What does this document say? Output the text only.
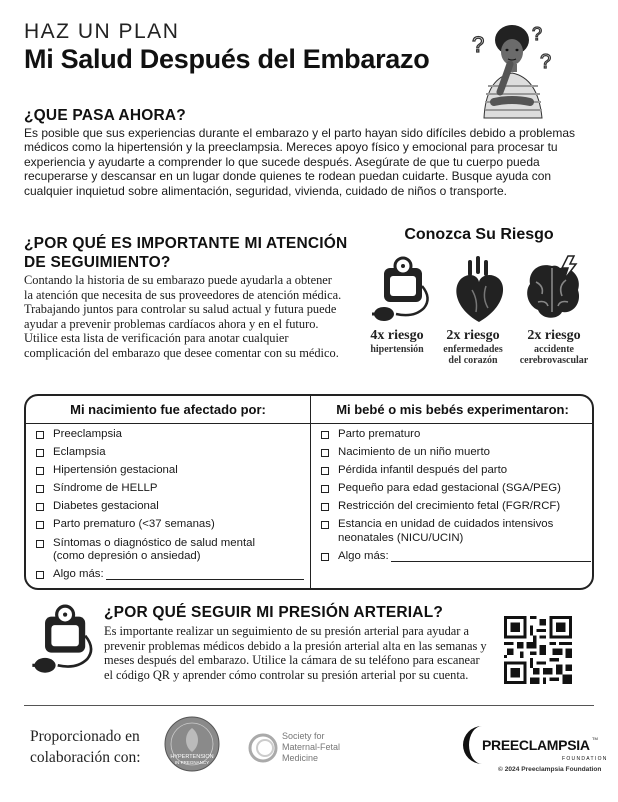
HAZ UN PLAN
Mi Salud Después del Embarazo ?	?
?
¿QUE PASA AHORA?
Es posible que sus experiencias durante el embarazo y el parto hayan sido difíciles debido a problemas médicos como la hipertensión y la preeclampsia. Mereces apoyo físico y emocional para procesar tu experiencia y ayudarte a comprender lo que sucede después. Asegúrate de que tu cuerpo pueda recuperarse y descansar en un lugar donde quienes te rodean puedan cuidarte. Busque ayuda con cualquier inquietud sobre alimentación, seguridad, vivienda, cuidado de niños o transporte.
¿POR QUÉ ES IMPORTANTE MI ATENCIÓN
DE SEGUIMIENTO?
Contando la historia de su embarazo puede ayudarla a obtener la atención que necesita de sus proveedores de atención médica. Trabajando juntos para controlar su salud actual y futura puede ayudar a prevenir problemas cardíacos ahora y en el futuro. Utilice esta lista de verificación para anotar cualquier complicación del embarazo que desee comentar con su médico.
Conozca Su Riesgo
4x riesgo
hipertensión
2x riesgo
enfermedades
del corazón
2x riesgo
accidente
cerebrovascular
Mi nacimiento fue afectado por:
Preeclampsia
Eclampsia
Hipertensión gestacional
Síndrome de HELLP
Diabetes gestacional
Parto prematuro (<37 semanas)
Síntomas o diagnóstico de salud mental
(como depresión o ansiedad)
Algo más:
Mi bebé o mis bebés experimentaron:
Parto prematuro
Nacimiento de un niño muerto
Pérdida infantil después del parto
Pequeño para edad gestacional (SGA/PEG)
Restricción del crecimiento fetal (FGR/RCF)
Estancia en unidad de cuidados intensivos
neonatales (NICU/UCIN)
Algo más:
¿POR QUÉ SEGUIR MI PRESIÓN ARTERIAL?
Es importante realizar un seguimiento de su presión arterial para ayudar a prevenir problemas médicos debido a la presión arterial alta en las semanas y meses después del embarazo. Utilice la cámara de su teléfono para escanear el código QR y aprender cómo controlar su presión arterial por su cuenta.
Proporcionado en
colaboración con:	HYPERTENSION
IN PREGNANCY
Society for
Maternal-Fetal
Medicine
PREECLAMPSIA TM
FOUNDATION
© 2024 Preeclampsia Foundation
